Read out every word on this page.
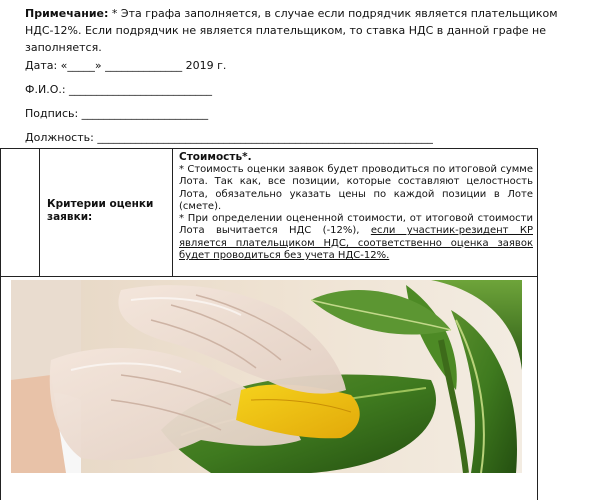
Примечание: * Эта графа заполняется, в случае если подрядчик является плательщиком НДС-12%. Если подрядчик не является плательщиком, то ставка НДС в данной графе не заполняется.
Дата: «_____» ______________ 2019 г.
Ф.И.О.: __________________________
Подпись: _______________________
Должность: _____________________________________________________________
Критерии оценки заявки:
Стоимость*.

* Стоимость оценки заявок будет проводиться по итоговой сумме Лота. Так как, все позиции, которые составляют целостность Лота, обязательно указать цены по каждой позиции в Лоте (смете).

* При определении оцененной стоимости, от итоговой стоимости Лота вычитается НДС (-12%), если участник-резидент КР является плательщиком НДС, соответственно оценка заявок будет проводиться без учета НДС-12%.
